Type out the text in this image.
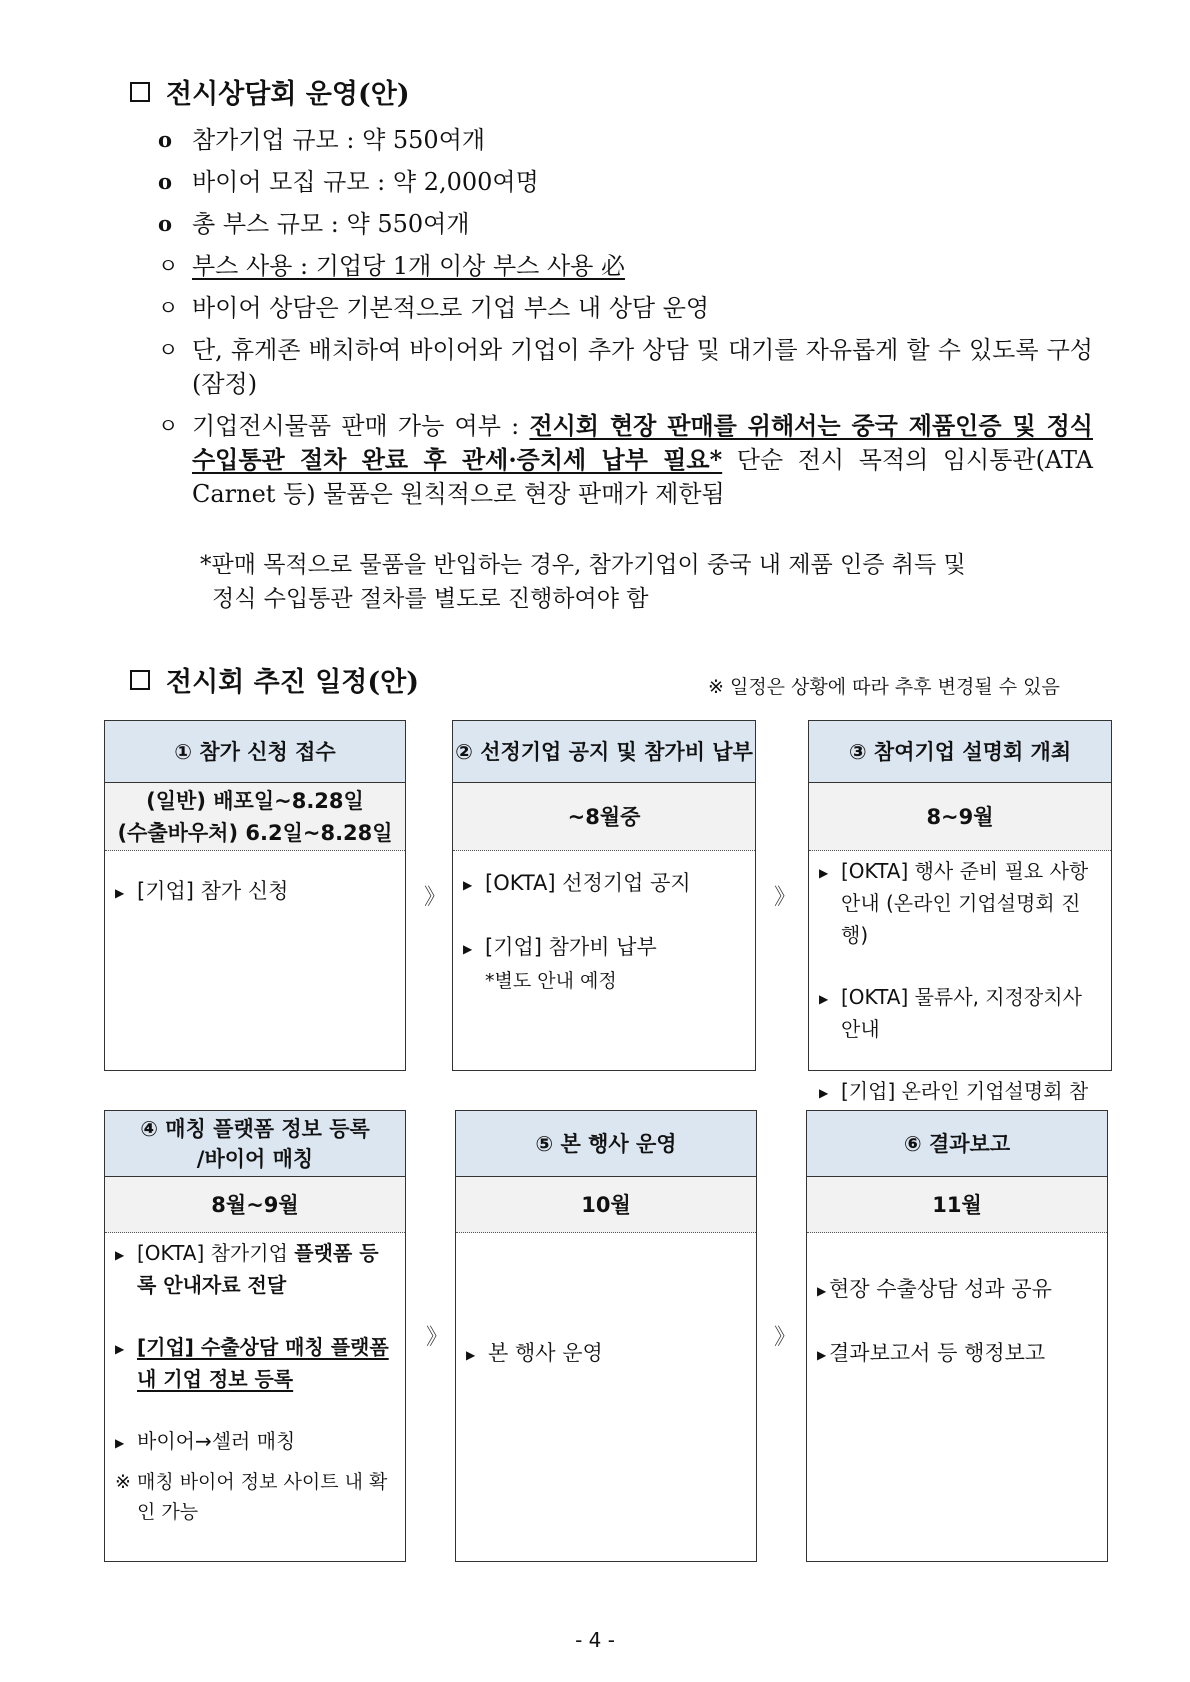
전시상담회 운영(안)
o 참가기업 규모 : 약 550여개
o 바이어 모집 규모 : 약 2,000여명
o 총 부스 규모 : 약 550여개
ㅇ 부스 사용 : 기업당 1개 이상 부스 사용 必
ㅇ 바이어 상담은 기본적으로 기업 부스 내 상담 운영
ㅇ 단, 휴게존 배치하여 바이어와 기업이 추가 상담 및 대기를 자유롭게 할 수 있도록 구성 (잠정)
ㅇ 기업전시물품 판매 가능 여부 : 전시회 현장 판매를 위해서는 중국 제품인증 및 정식 수입통관 절차 완료 후 관세·증치세 납부 필요* 단순 전시 목적의 임시통관(ATA Carnet 등) 물품은 원칙적으로 현장 판매가 제한됨
*판매 목적으로 물품을 반입하는 경우, 참가기업이 중국 내 제품 인증 취득 및
정식 수입통관 절차를 별도로 진행하여야 함
전시회 추진 일정(안)	※ 일정은 상황에 따라 추후 변경될 수 있음
① 참가 신청 접수
(일반) 배포일~8.28일
(수출바우처) 6.2일~8.28일
▶ [기업] 참가 신청
② 선정기업 공지 및 참가비 납부
~8월중
▶ [OKTA] 선정기업 공지
▶ [기업] 참가비 납부
*별도 안내 예정
③ 참여기업 설명회 개최
8~9월
▶ [OKTA] 행사 준비 필요 사항 안내 (온라인 기업설명회 진행)
▶ [OKTA] 물류사, 지정장치사 안내
▶ [기업] 온라인 기업설명회 참
》	》
④ 매칭 플랫폼 정보 등록
/바이어 매칭
8월~9월
▶ [OKTA] 참가기업 플랫폼 등록 안내자료 전달
▶ [기업] 수출상담 매칭 플랫폼 내 기업 정보 등록
▶ 바이어→셀러 매칭
※ 매칭 바이어 정보 사이트 내 확인 가능
⑤ 본 행사 운영
10월
▶ 본 행사 운영
⑥ 결과보고
11월
▶ 현장 수출상담 성과 공유
▶ 결과보고서 등 행정보고
》	》
- 4 -
